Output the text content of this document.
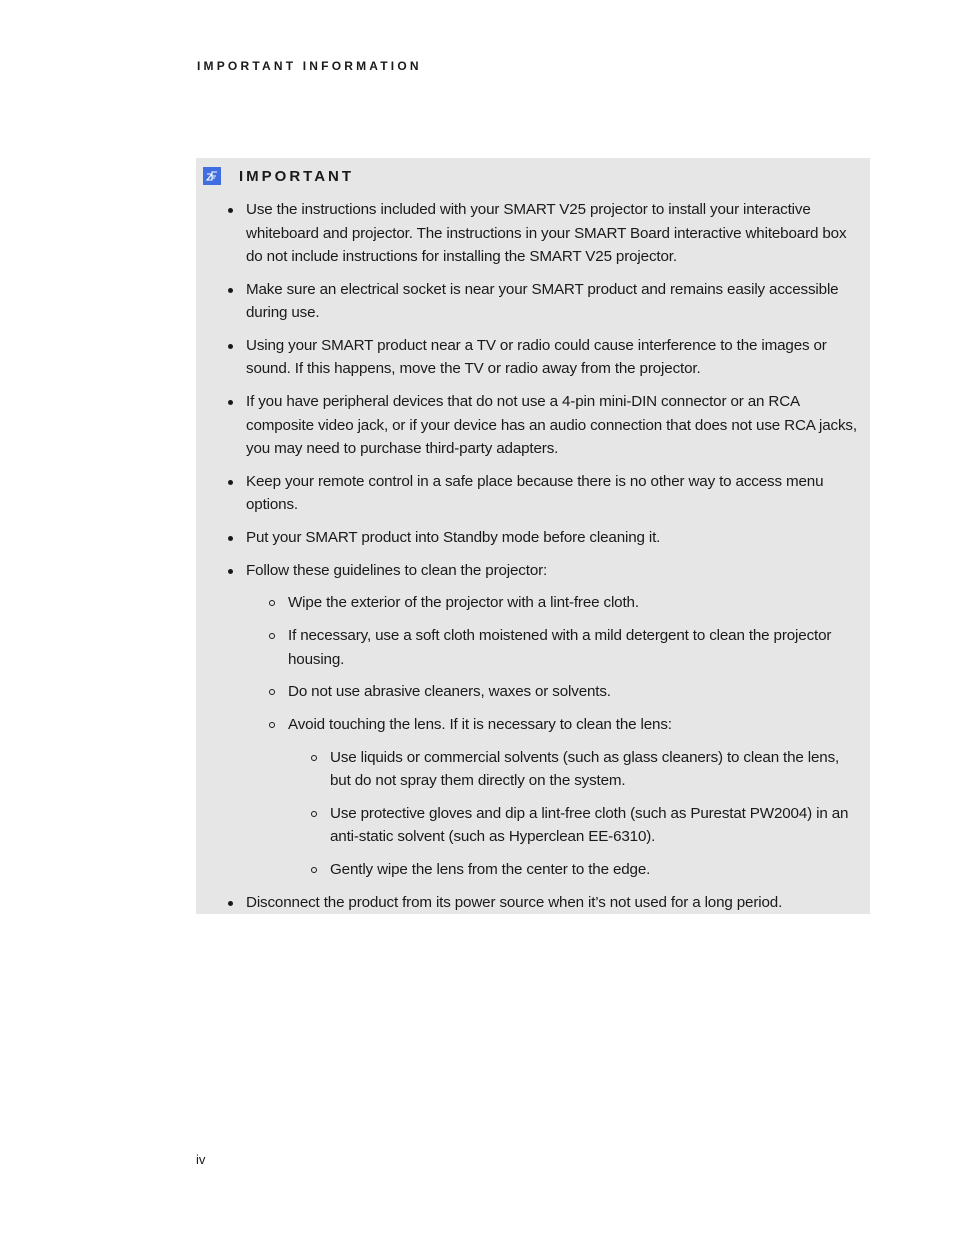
IMPORTANT INFORMATION
IMPORTANT
Use the instructions included with your SMART V25 projector to install your interactive whiteboard and projector. The instructions in your SMART Board interactive whiteboard box do not include instructions for installing the SMART V25 projector.
Make sure an electrical socket is near your SMART product and remains easily accessible during use.
Using your SMART product near a TV or radio could cause interference to the images or sound. If this happens, move the TV or radio away from the projector.
If you have peripheral devices that do not use a 4-pin mini-DIN connector or an RCA composite video jack, or if your device has an audio connection that does not use RCA jacks, you may need to purchase third-party adapters.
Keep your remote control in a safe place because there is no other way to access menu options.
Put your SMART product into Standby mode before cleaning it.
Follow these guidelines to clean the projector:
Wipe the exterior of the projector with a lint-free cloth.
If necessary, use a soft cloth moistened with a mild detergent to clean the projector housing.
Do not use abrasive cleaners, waxes or solvents.
Avoid touching the lens. If it is necessary to clean the lens:
Use liquids or commercial solvents (such as glass cleaners) to clean the lens, but do not spray them directly on the system.
Use protective gloves and dip a lint-free cloth (such as Purestat PW2004) in an anti-static solvent (such as Hyperclean EE-6310).
Gently wipe the lens from the center to the edge.
Disconnect the product from its power source when it’s not used for a long period.
iv
